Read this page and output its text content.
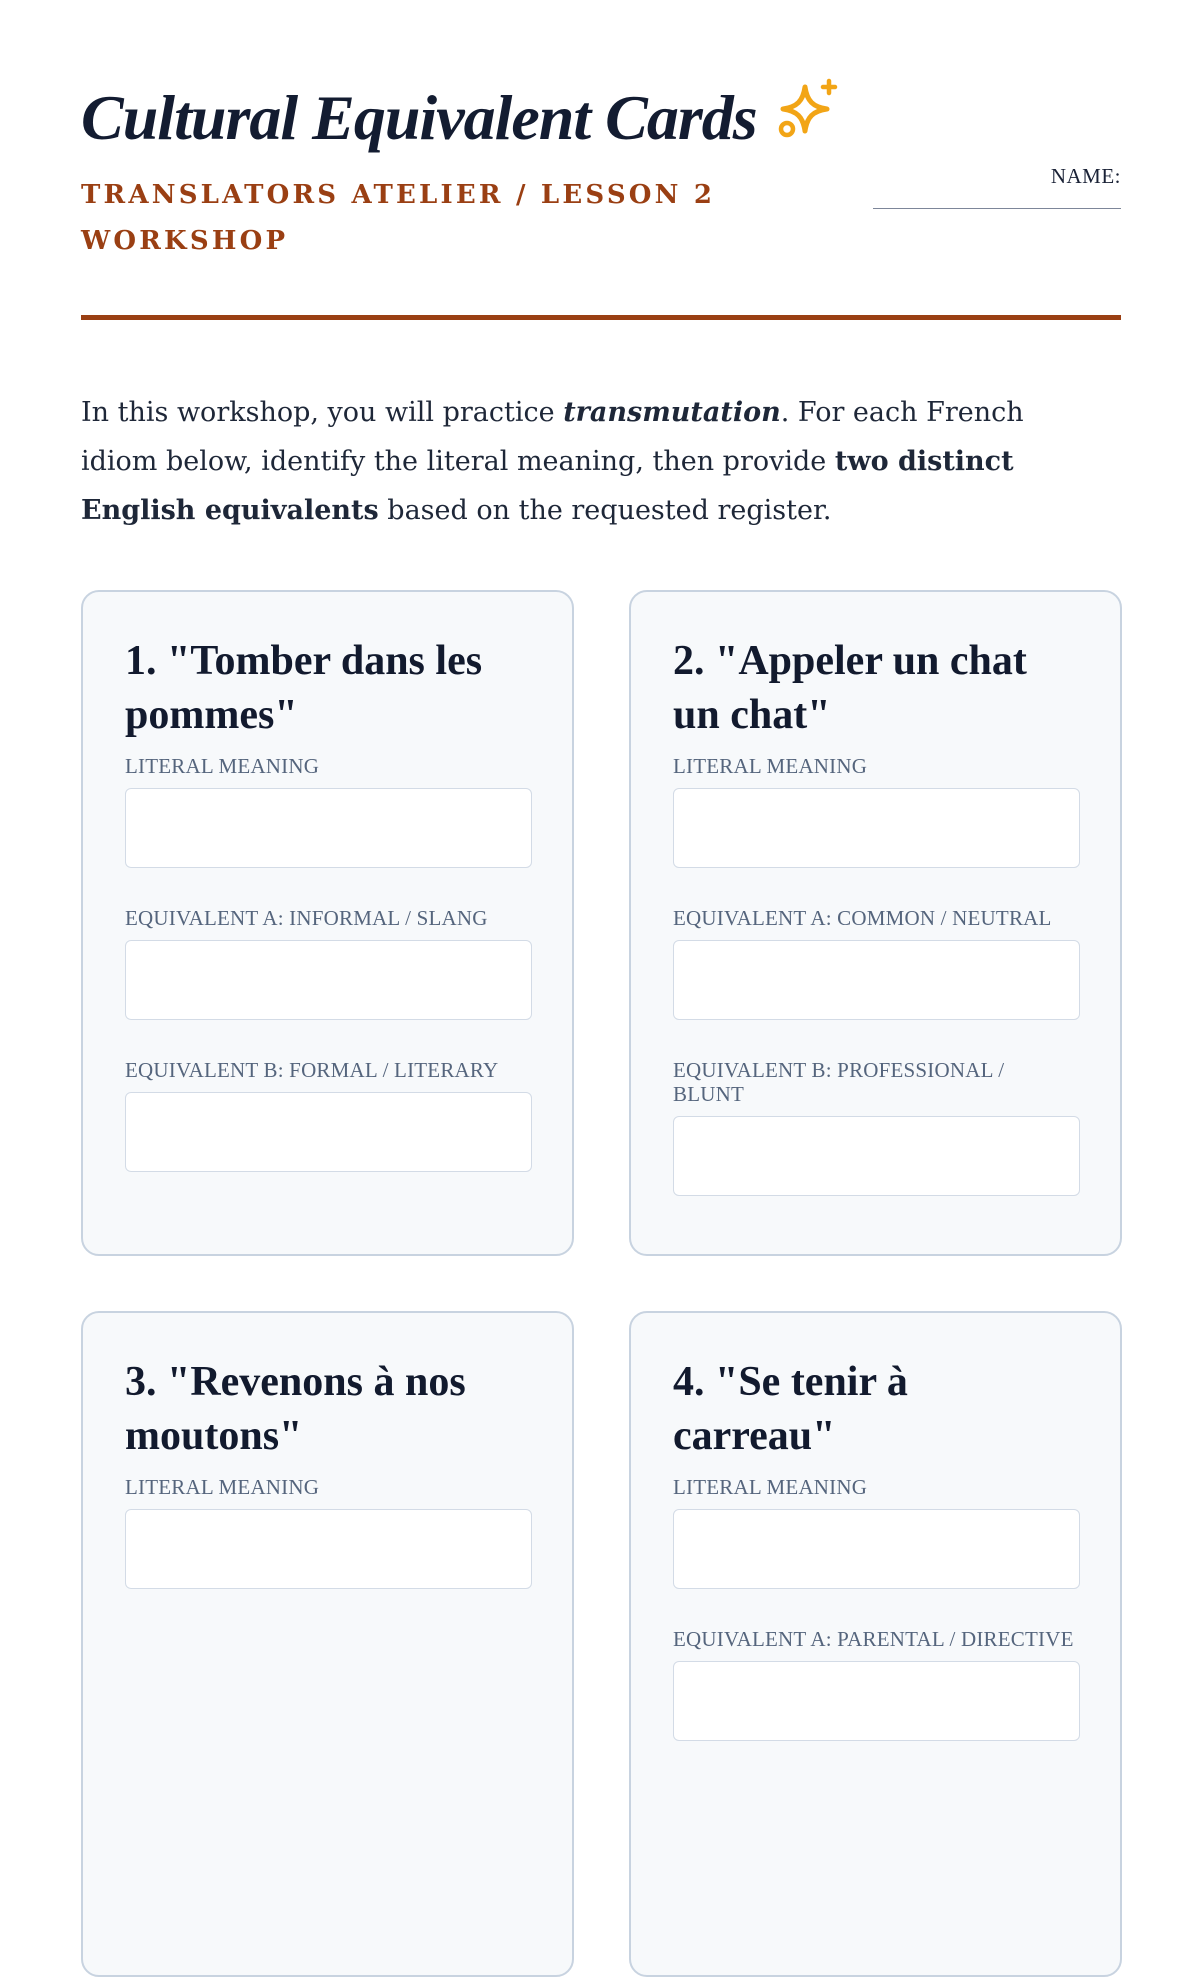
Cultural Equivalent Cards
TRANSLATORS ATELIER / LESSON 2 WORKSHOP
NAME:

In this workshop, you will practice transmutation. For each French idiom below, identify the literal meaning, then provide two distinct English equivalents based on the requested register.

1. "Tomber dans les pommes"
LITERAL MEANING
EQUIVALENT A: INFORMAL / SLANG
EQUIVALENT B: FORMAL / LITERARY
2. "Appeler un chat un chat"
LITERAL MEANING
EQUIVALENT A: COMMON / NEUTRAL
EQUIVALENT B: PROFESSIONAL / BLUNT
3. "Revenons à nos moutons"
LITERAL MEANING
4. "Se tenir à carreau"
LITERAL MEANING
EQUIVALENT A: PARENTAL / DIRECTIVE
